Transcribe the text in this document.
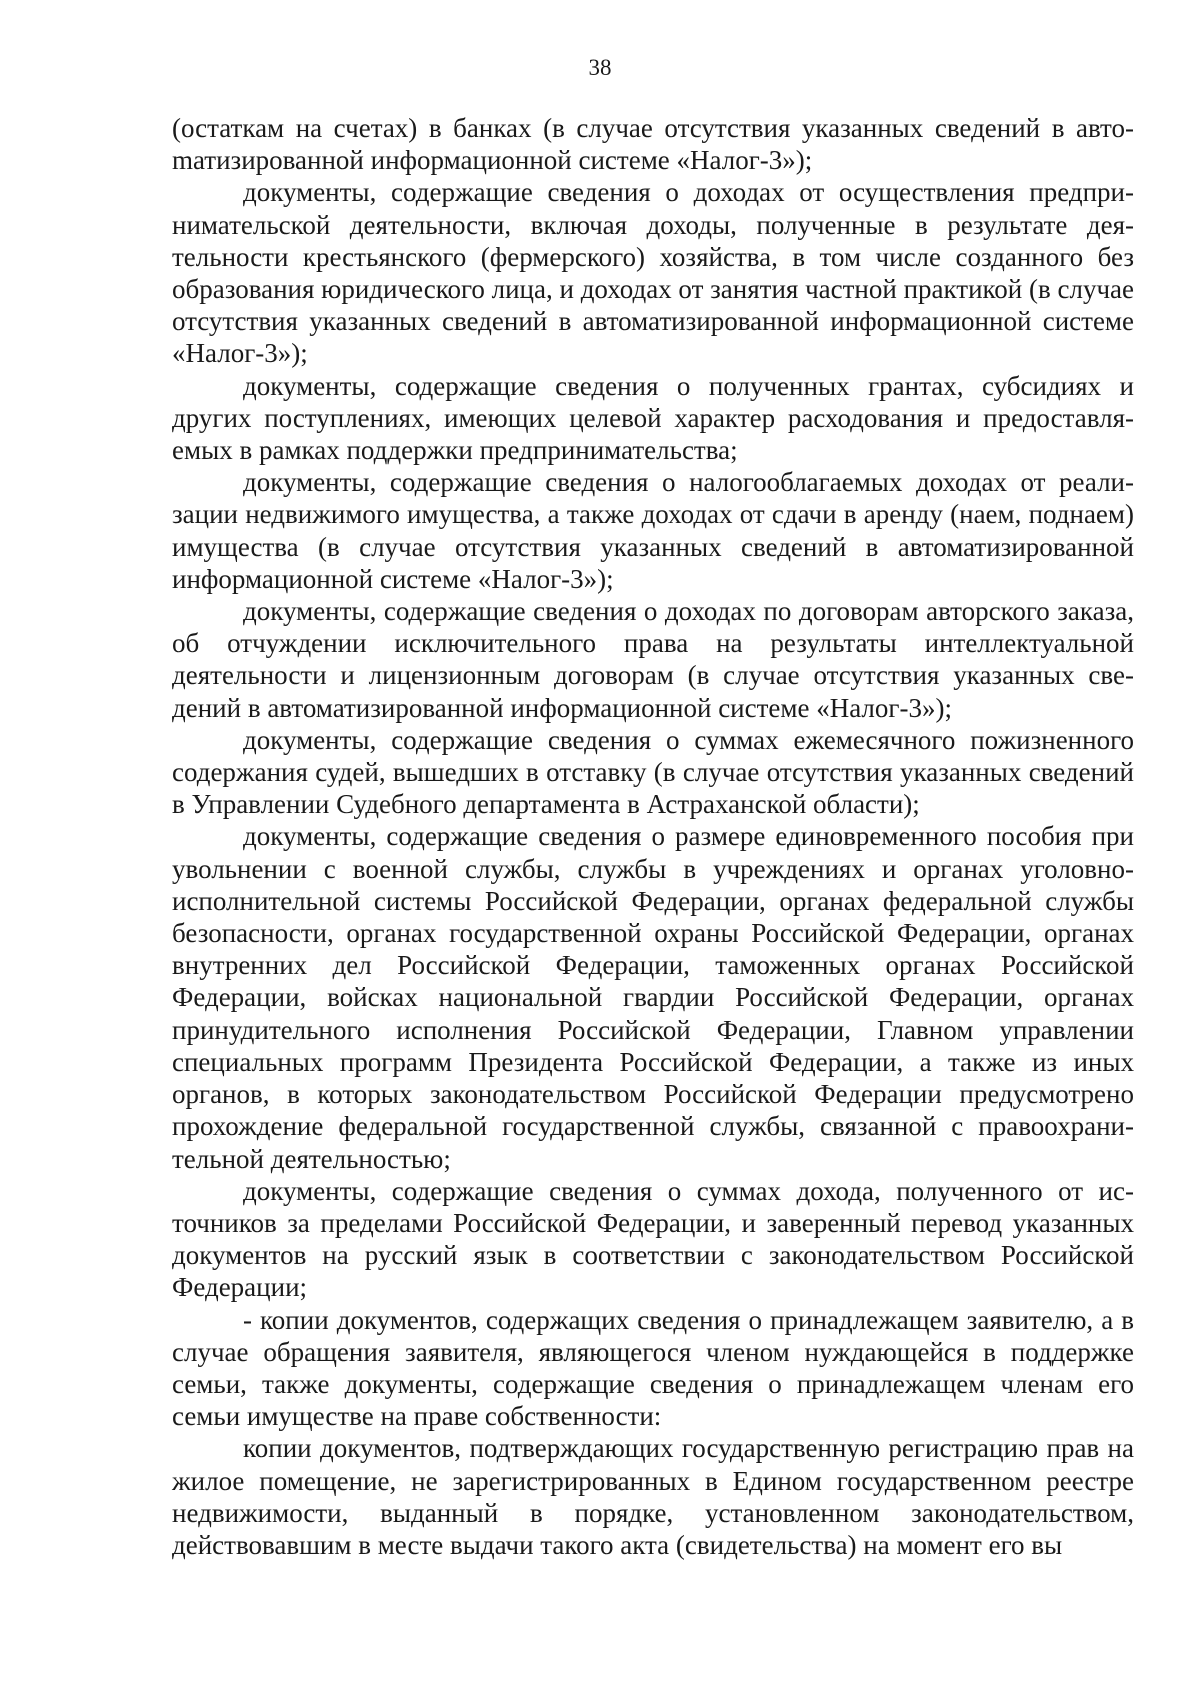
38

(остаткам на счетах) в банках (в случае отсутствия указанных сведений в автоmатизированной информационной системе «Налог-3»);

документы, содержащие сведения о доходах от осуществления предпринимательской деятельности, включая доходы, полученные в результате деятельности крестьянского (фермерского) хозяйства, в том числе созданного без образования юридического лица, и доходах от занятия частной практикой (в случае отсутствия указанных сведений в автоматизированной информационной системе «Налог-3»);

документы, содержащие сведения о полученных грантах, субсидиях и других поступлениях, имеющих целевой характер расходования и предоставляемых в рамках поддержки предпринимательства;

документы, содержащие сведения о налогооблагаемых доходах от реализации недвижимого имущества, а также доходах от сдачи в аренду (наем, поднаем) имущества (в случае отсутствия указанных сведений в автоматизированной информационной системе «Налог-3»);

документы, содержащие сведения о доходах по договорам авторского заказа, об отчуждении исключительного права на результаты интеллектуальной деятельности и лицензионным договорам (в случае отсутствия указанных сведений в автоматизированной информационной системе «Налог-3»);

документы, содержащие сведения о суммах ежемесячного пожизненного содержания судей, вышедших в отставку (в случае отсутствия указанных сведений в Управлении Судебного департамента в Астраханской области);

документы, содержащие сведения о размере единовременного пособия при увольнении с военной службы, службы в учреждениях и органах уголовно-исполнительной системы Российской Федерации, органах федеральной службы безопасности, органах государственной охраны Российской Федерации, органах внутренних дел Российской Федерации, таможенных органах Российской Федерации, войсках национальной гвардии Российской Федерации, органах принудительного исполнения Российской Федерации, Главном управлении специальных программ Президента Российской Федерации, а также из иных органов, в которых законодательством Российской Федерации предусмотрено прохождение федеральной государственной службы, связанной с правоохранительной деятельностью;

документы, содержащие сведения о суммах дохода, полученного от источников за пределами Российской Федерации, и заверенный перевод указанных документов на русский язык в соответствии с законодательством Российской Федерации;

- копии документов, содержащих сведения о принадлежащем заявителю, а в случае обращения заявителя, являющегося членом нуждающейся в поддержке семьи, также документы, содержащие сведения о принадлежащем членам его семьи имуществе на праве собственности:

копии документов, подтверждающих государственную регистрацию прав на жилое помещение, не зарегистрированных в Едином государственном реестре недвижимости, выданный в порядке, установленном законодательством, действовавшим в месте выдачи такого акта (свидетельства) на момент его вы
